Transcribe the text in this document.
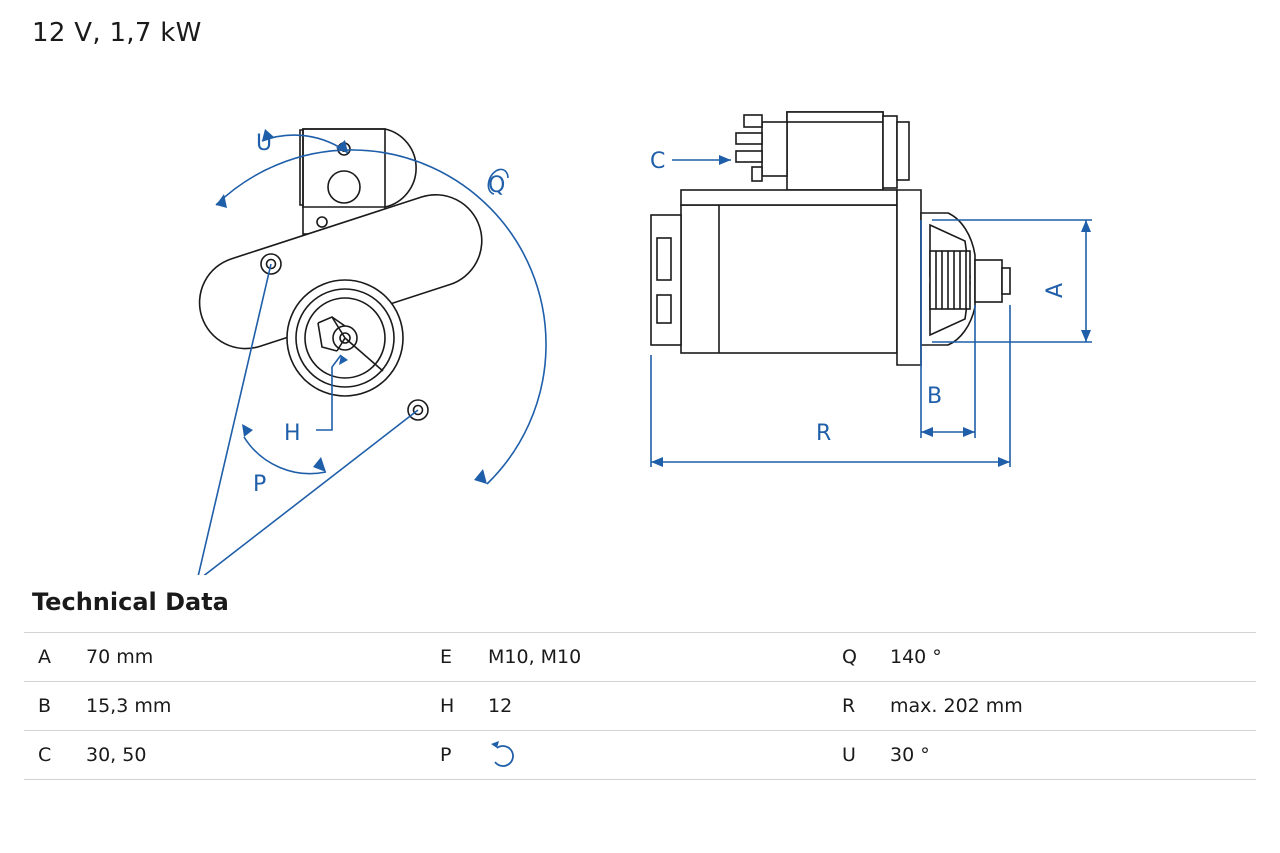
12 V, 1,7 kW
U
Q
H
P
C
A
B
R
Technical Data
A	70 mm	E	M10, M10	Q	140 °
B	15,3 mm	H	12	R	max. 202 mm
C	30, 50	P		U	30 °
